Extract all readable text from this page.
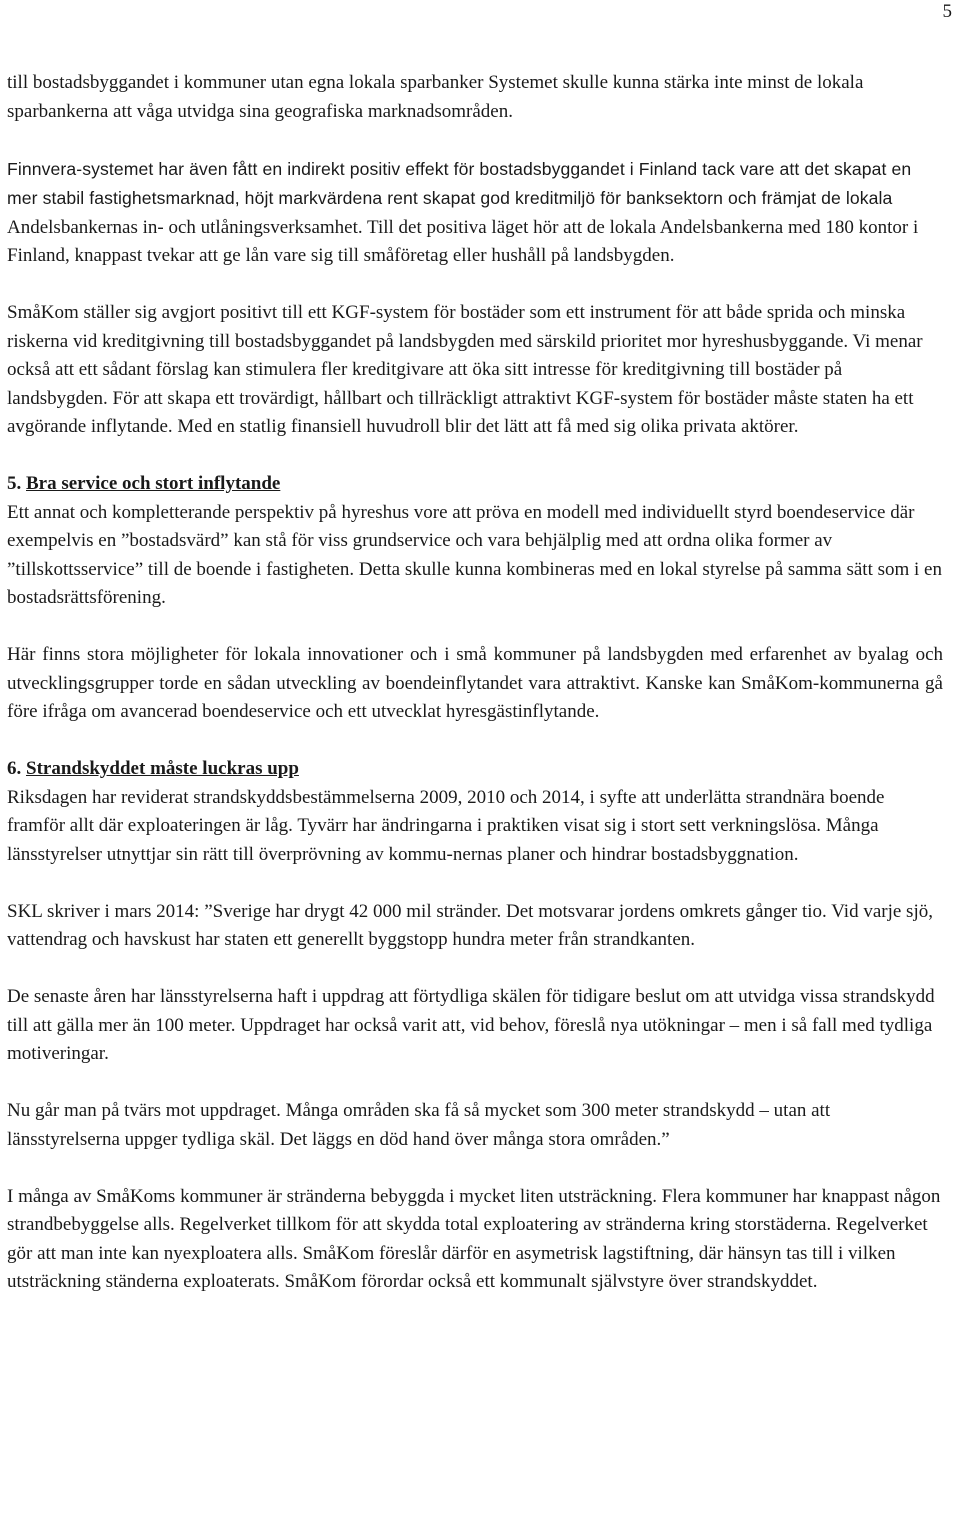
5

till bostadsbyggandet i kommuner utan egna lokala sparbanker Systemet skulle kunna stärka inte minst de lokala sparbankerna att våga utvidga sina geografiska marknadsområden.

Finnvera-systemet har även fått en indirekt positiv effekt för bostadsbyggandet i Finland tack vare att det skapat en mer stabil fastighetsmarknad, höjt markvärdena rent skapat god kreditmiljö för banksektorn och främjat de lokala Andelsbankernas in- och utlåningsverksamhet. Till det positiva läget hör att de lokala Andelsbankerna med 180 kontor i Finland, knappast tvekar att ge lån vare sig till småföretag eller hushåll på landsbygden.

SmåKom ställer sig avgjort positivt till ett KGF-system för bostäder som ett instrument för att både sprida och minska riskerna vid kreditgivning till bostadsbyggandet på landsbygden med särskild prioritet mor hyreshusbyggande. Vi menar också att ett sådant förslag kan stimulera fler kreditgivare att öka sitt intresse för kreditgivning till bostäder på landsbygden. För att skapa ett trovärdigt, hållbart och tillräckligt attraktivt KGF-system för bostäder måste staten ha ett avgörande inflytande. Med en statlig finansiell huvudroll blir det lätt att få med sig olika privata aktörer.

5. Bra service och stort inflytande

Ett annat och kompletterande perspektiv på hyreshus vore att pröva en modell med individuellt styrd boendeservice där exempelvis en ”bostadsvärd” kan stå för viss grundservice och vara behjälplig med att ordna olika former av ”tillskottsservice” till de boende i fastigheten. Detta skulle kunna kombineras med en lokal styrelse på samma sätt som i en bostadsrättsförening.

Här finns stora möjligheter för lokala innovationer och i små kommuner på landsbygden med erfarenhet av byalag och utvecklingsgrupper torde en sådan utveckling av boendeinflytandet vara attraktivt. Kanske kan SmåKom-kommunerna gå före ifråga om avancerad boendeservice och ett utvecklat hyresgästinflytande.

6. Strandskyddet måste luckras upp

Riksdagen har reviderat strandskyddsbestämmelserna 2009, 2010 och 2014, i syfte att underlätta strandnära boende framför allt där exploateringen är låg. Tyvärr har ändringarna i praktiken visat sig i stort sett verkningslösa. Många länsstyrelser utnyttjar sin rätt till överprövning av kommu-nernas planer och hindrar bostadsbyggnation.

SKL skriver i mars 2014: ”Sverige har drygt 42 000 mil stränder. Det motsvarar jordens omkrets gånger tio. Vid varje sjö, vattendrag och havskust har staten ett generellt byggstopp hundra meter från strandkanten.

De senaste åren har länsstyrelserna haft i uppdrag att förtydliga skälen för tidigare beslut om att utvidga vissa strandskydd till att gälla mer än 100 meter. Uppdraget har också varit att, vid behov, föreslå nya utökningar – men i så fall med tydliga motiveringar.

Nu går man på tvärs mot uppdraget. Många områden ska få så mycket som 300 meter strandskydd – utan att länsstyrelserna uppger tydliga skäl. Det läggs en död hand över många stora områden.”

I många av SmåKoms kommuner är stränderna bebyggda i mycket liten utsträckning. Flera kommuner har knappast någon strandbebyggelse alls. Regelverket tillkom för att skydda total exploatering av stränderna kring storstäderna. Regelverket gör att man inte kan nyexploatera alls. SmåKom föreslår därför en asymetrisk lagstiftning, där hänsyn tas till i vilken utsträckning ständerna exploaterats. SmåKom förordar också ett kommunalt självstyre över strandskyddet.
